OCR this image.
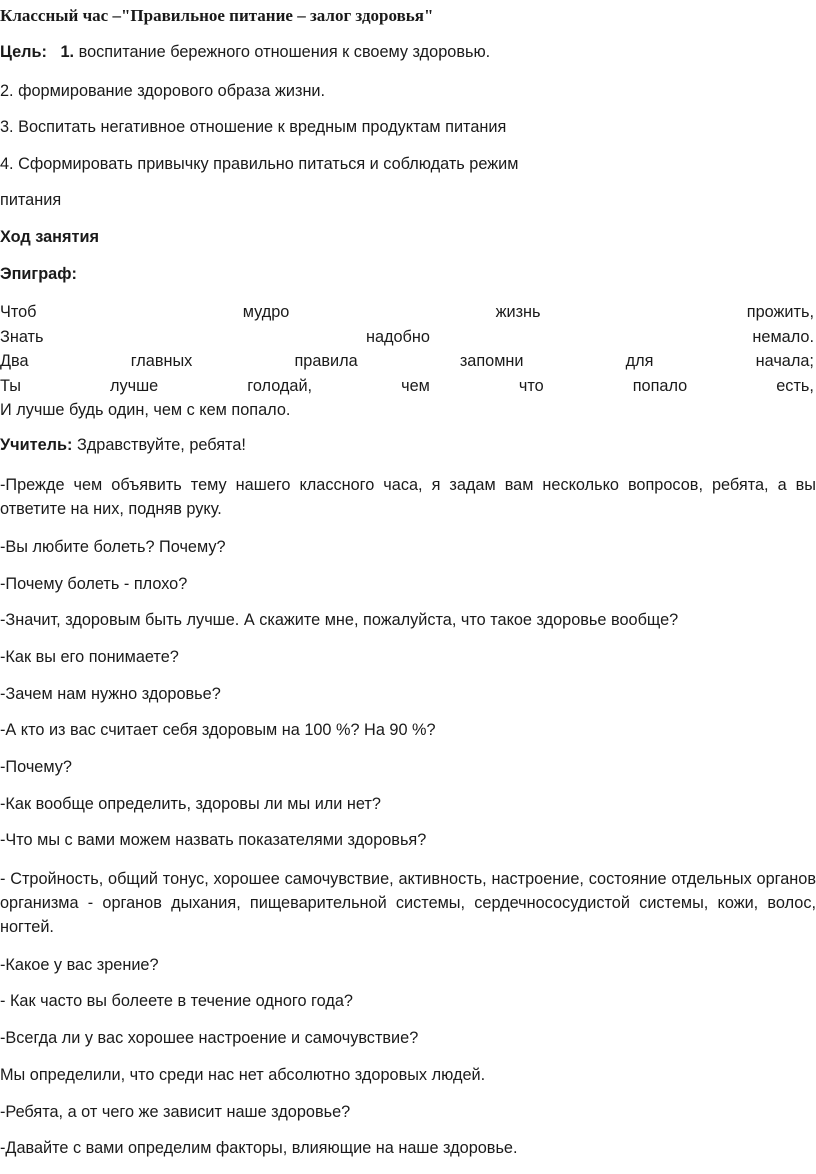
Классный час –"Правильное питание – залог здоровья"

Цель: 1. воспитание бережного отношения к своему здоровью.

2. формирование здорового образа жизни.

3. Воспитать негативное отношение к вредным продуктам питания

4. Сформировать привычку правильно питаться и соблюдать режим

питания

Ход занятия

Эпиграф:

Чтоб	мудро	жизнь	прожить,
Знать	надобно	немало.
Два	главных	правила	запомни	для	начала;
Ты	лучше	голодай,	чем	что	попало	есть,

И лучше будь один, чем с кем попало.

Учитель: Здравствуйте, ребята!

-Прежде чем объявить тему нашего классного часа, я задам вам несколько вопросов, ребята, а вы ответите на них, подняв руку.

-Вы любите болеть? Почему?

-Почему болеть - плохо?

-Значит, здоровым быть лучше. А скажите мне, пожалуйста, что такое здоровье вообще?

-Как вы его понимаете?

-Зачем нам нужно здоровье?

-А кто из вас считает себя здоровым на 100 %? На 90 %?

-Почему?

-Как вообще определить, здоровы ли мы или нет?

-Что мы с вами можем назвать показателями здоровья?

- Стройность, общий тонус, хорошее самочувствие, активность, настроение, состояние отдельных органов организма - органов дыхания, пищеварительной системы, сердечнососудистой системы, кожи, волос, ногтей.

-Какое у вас зрение?

- Как часто вы болеете в течение одного года?

-Всегда ли у вас хорошее настроение и самочувствие?

Мы определили, что среди нас нет абсолютно здоровых людей.

-Ребята, а от чего же зависит наше здоровье?

-Давайте с вами определим факторы, влияющие на наше здоровье.
